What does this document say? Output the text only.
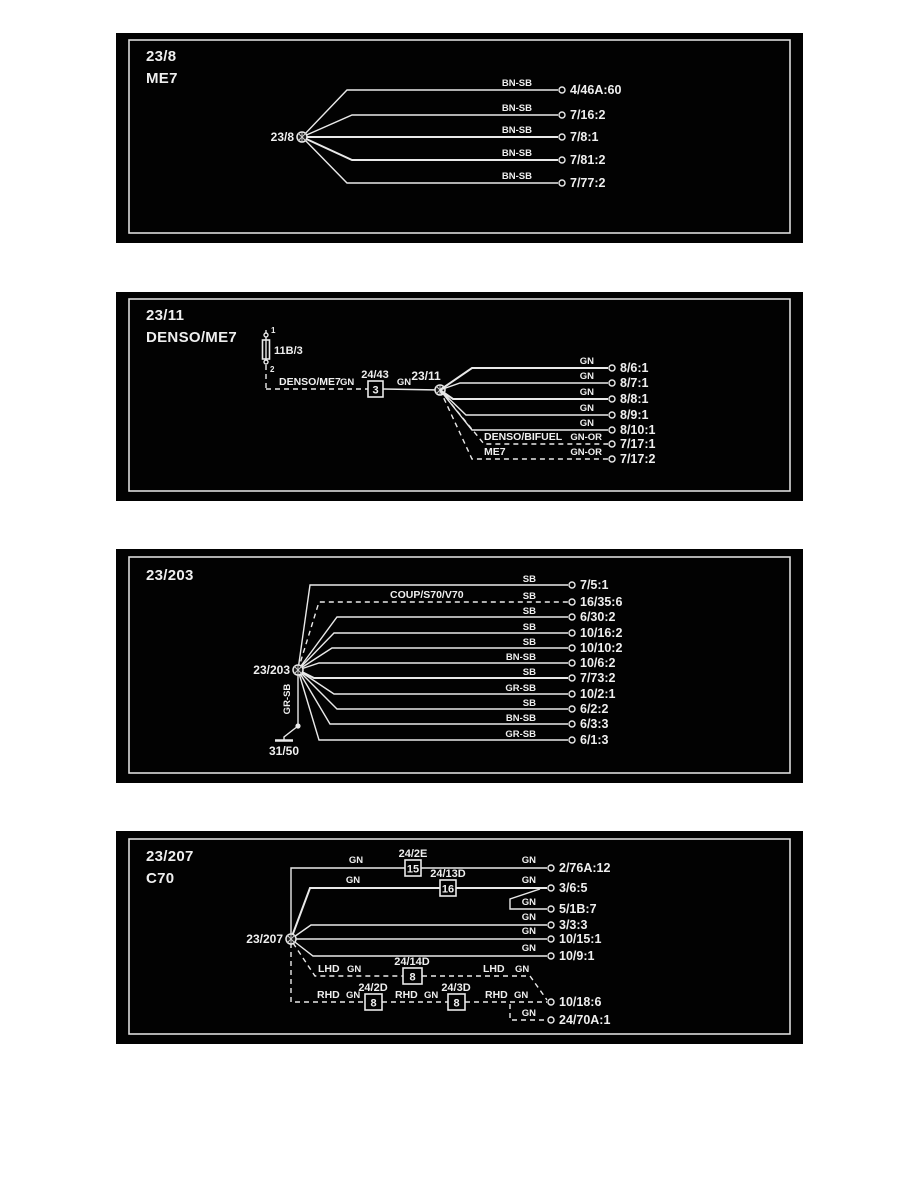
23/8
ME7	BN-SB
BN-SB
BN-SB
BN-SB
BN-SB
4/46A:60
7/16:2
7/8:1
7/81:2
7/77:2
23/8
23/11
DENSO/ME7	1
11B/3
2
DENSO/ME7 GN
24/43
3
GN 23/11
GN
GN
GN
GN
GN
DENSO/BIFUEL GN-OR
ME7	GN-OR
8/6:1
8/7:1
8/8:1
8/9:1
8/10:1
7/17:1
7/17:2
23/203
COUP/S70/V70
SB
SB
SB
SB
SB
BN-SB
SB
GR-SB
SB
BN-SB
GR-SB
7/5:1
16/35:6
6/30:2
10/16:2
10/10:2
10/6:2
7/73:2
10/2:1
6/2:2
6/3:3
6/1:3
23/203
GR-SB
31/50
23/207
C70
GN
24/2E
15
GN
GN
24/13D
16
GN
GN
GN
GN
GN
LHD GN
24/14D
8
LHD GN
RHD GN
24/2D
8
RHD GN
24/3D
8
RHD GN
GN
2/76A:12
3/6:5
5/1B:7
3/3:3
10/15:1
10/9:1
10/18:6
24/70A:1
23/207
